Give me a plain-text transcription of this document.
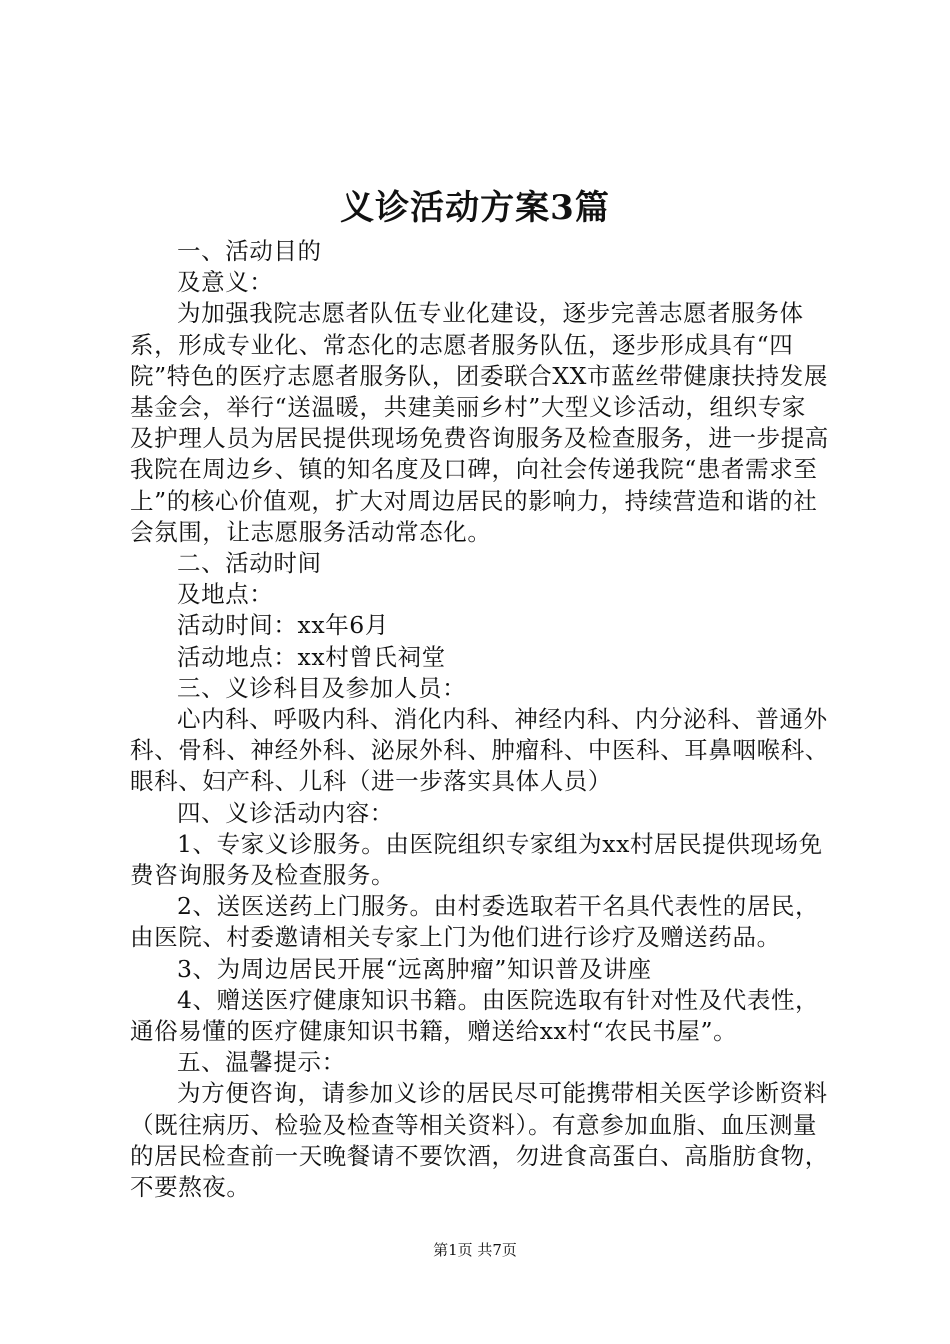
义诊活动方案3篇

一、活动目的

及意义：

为加强我院志愿者队伍专业化建设，逐步完善志愿者服务体系，形成专业化、常态化的志愿者服务队伍，逐步形成具有“四院”特色的医疗志愿者服务队，团委联合XX市蓝丝带健康扶持发展基金会，举行“送温暖，共建美丽乡村”大型义诊活动，组织专家及护理人员为居民提供现场免费咨询服务及检查服务，进一步提高我院在周边乡、镇的知名度及口碑，向社会传递我院“患者需求至上”的核心价值观，扩大对周边居民的影响力，持续营造和谐的社会氛围，让志愿服务活动常态化。

二、活动时间

及地点：

活动时间：xx年6月

活动地点：xx村曾氏祠堂

三、义诊科目及参加人员：

心内科、呼吸内科、消化内科、神经内科、内分泌科、普通外科、骨科、神经外科、泌尿外科、肿瘤科、中医科、耳鼻咽喉科、眼科、妇产科、儿科（进一步落实具体人员）

四、义诊活动内容：

1、专家义诊服务。由医院组织专家组为xx村居民提供现场免费咨询服务及检查服务。

2、送医送药上门服务。由村委选取若干名具代表性的居民，由医院、村委邀请相关专家上门为他们进行诊疗及赠送药品。

3、为周边居民开展“远离肿瘤”知识普及讲座

4、赠送医疗健康知识书籍。由医院选取有针对性及代表性，通俗易懂的医疗健康知识书籍，赠送给xx村“农民书屋”。

五、温馨提示：

为方便咨询，请参加义诊的居民尽可能携带相关医学诊断资料（既往病历、检验及检查等相关资料）。有意参加血脂、血压测量的居民检查前一天晚餐请不要饮酒，勿进食高蛋白、高脂肪食物，不要熬夜。

第1页 共7页
